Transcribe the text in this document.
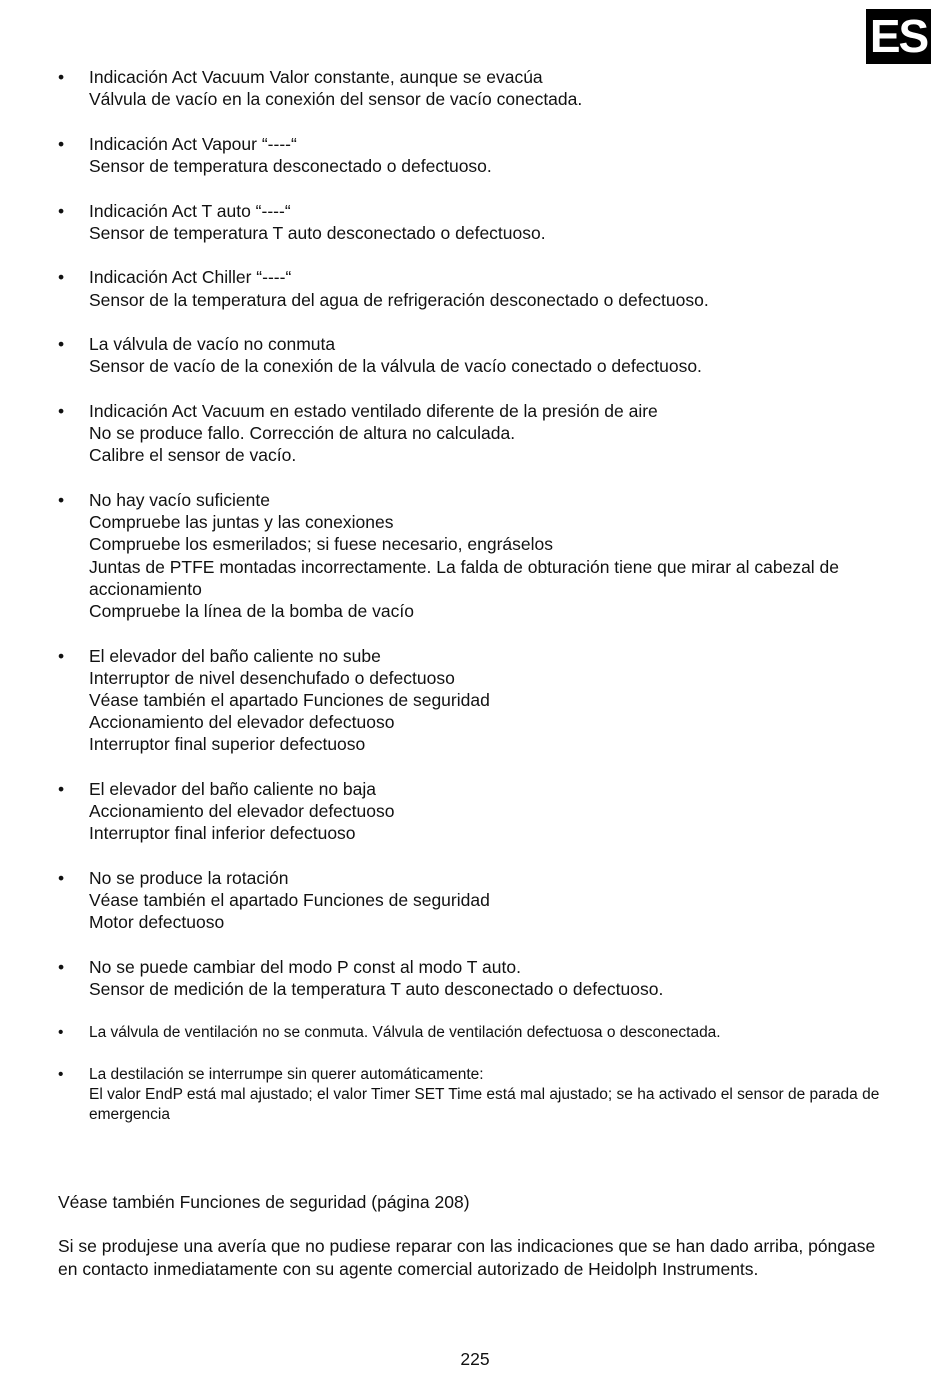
ES
• Indicación Act Vacuum Valor constante, aunque se evacúa
Válvula de vacío en la conexión del sensor de vacío conectada.
• Indicación Act Vapour “----“
Sensor de temperatura desconectado o defectuoso.
• Indicación Act T auto “----“
Sensor de temperatura T auto desconectado o defectuoso.
• Indicación Act Chiller “----“
Sensor de la temperatura del agua de refrigeración desconectado o defectuoso.
• La válvula de vacío no conmuta
Sensor de vacío de la conexión de la válvula de vacío conectado o defectuoso.
• Indicación Act Vacuum en estado ventilado diferente de la presión de aire
No se produce fallo. Corrección de altura no calculada.
Calibre el sensor de vacío.
• No hay vacío suficiente
Compruebe las juntas y las conexiones
Compruebe los esmerilados; si fuese necesario, engráselos
Juntas de PTFE montadas incorrectamente. La falda de obturación tiene que mirar al cabezal de accionamiento
Compruebe la línea de la bomba de vacío
• El elevador del baño caliente no sube
Interruptor de nivel desenchufado o defectuoso
Véase también el apartado Funciones de seguridad
Accionamiento del elevador defectuoso
Interruptor final superior defectuoso
• El elevador del baño caliente no baja
Accionamiento del elevador defectuoso
Interruptor final inferior defectuoso
• No se produce la rotación
Véase también el apartado Funciones de seguridad
Motor defectuoso
• No se puede cambiar del modo P const al modo T auto.
Sensor de medición de la temperatura T auto desconectado o defectuoso.
• La válvula de ventilación no se conmuta. Válvula de ventilación defectuosa o desconectada.
• La destilación se interrumpe sin querer automáticamente:
El valor EndP está mal ajustado; el valor Timer SET Time está mal ajustado; se ha activado el sensor de parada de emergencia

Véase también Funciones de seguridad (página 208)

Si se produjese una avería que no pudiese reparar con las indicaciones que se han dado arriba, póngase en contacto inmediatamente con su agente comercial autorizado de Heidolph Instruments.

225
